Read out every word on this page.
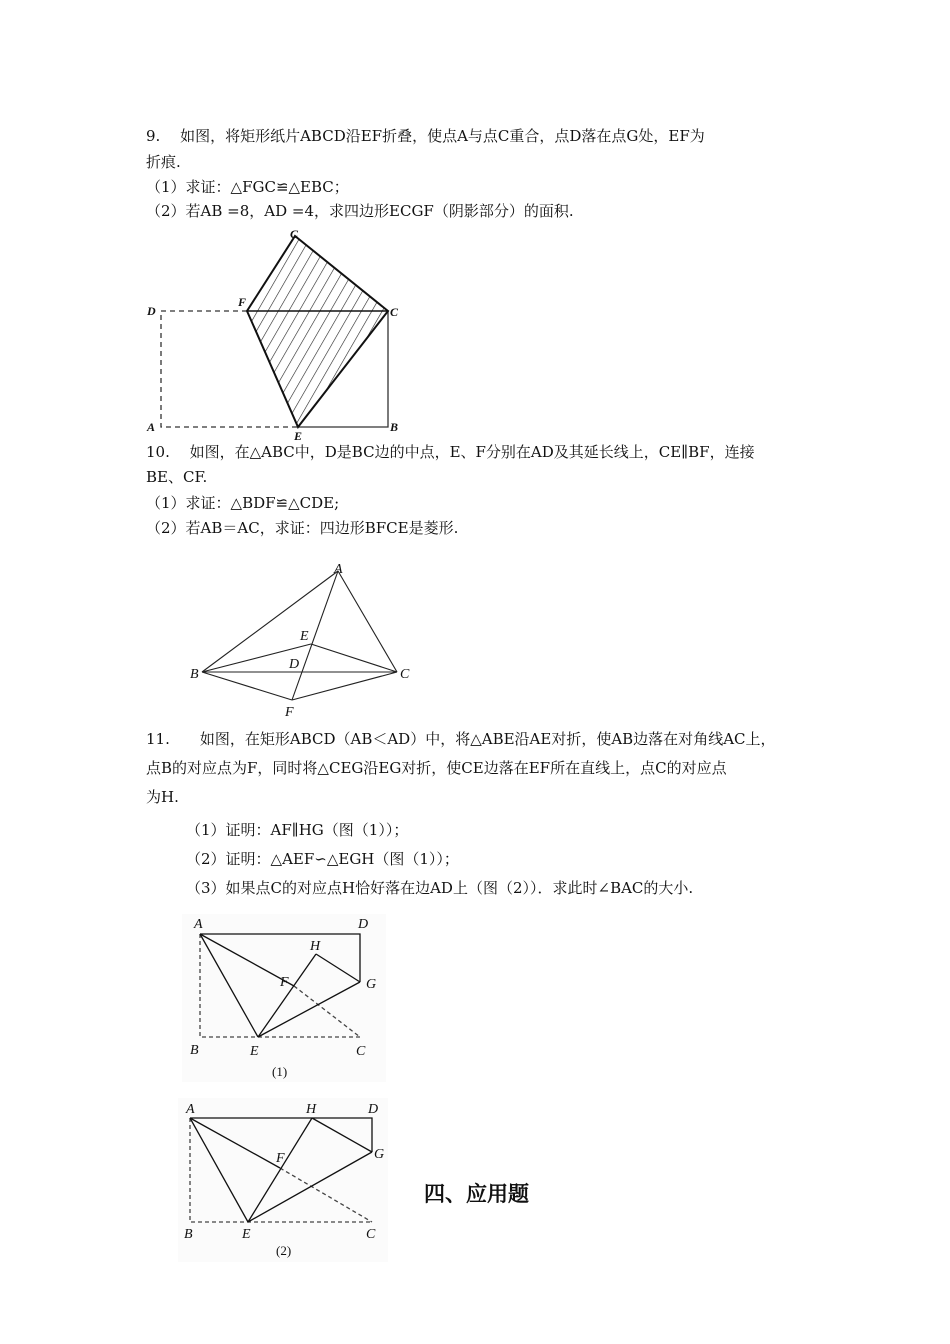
9.　 如图，将矩形纸片ABCD沿EF折叠，使点A与点C重合，点D落在点G处，EF为
折痕.
（1）求证：△FGC≌△EBC；
（2）若AB =8，AD =4，求四边形ECGF（阴影部分）的面积.
C
D
F
C
A
E
B
10.　 如图，在△ABC中，D是BC边的中点，E、F分别在AD及其延长线上，CE∥BF，连接
BE、CF.
（1）求证：△BDF≌△CDE;
（2）若AB＝AC，求证：四边形BFCE是菱形.
A
E
D
B	C
F
11.　　如图，在矩形ABCD（AB＜AD）中，将△ABE沿AE对折，使AB边落在对角线AC上，
点B的对应点为F，同时将△CEG沿EG对折，使CE边落在EF所在直线上，点C的对应点
为H.
（1）证明：AF∥HG（图（1））；
（2）证明：△AEF∽△EGH（图（1））；
（3）如果点C的对应点H恰好落在边AD上（图（2））．求此时∠BAC的大小.
A	D
H
F	G
B	E	C
(1)
A	H	D
F	G
B	E	C
(2)
四、应用题
